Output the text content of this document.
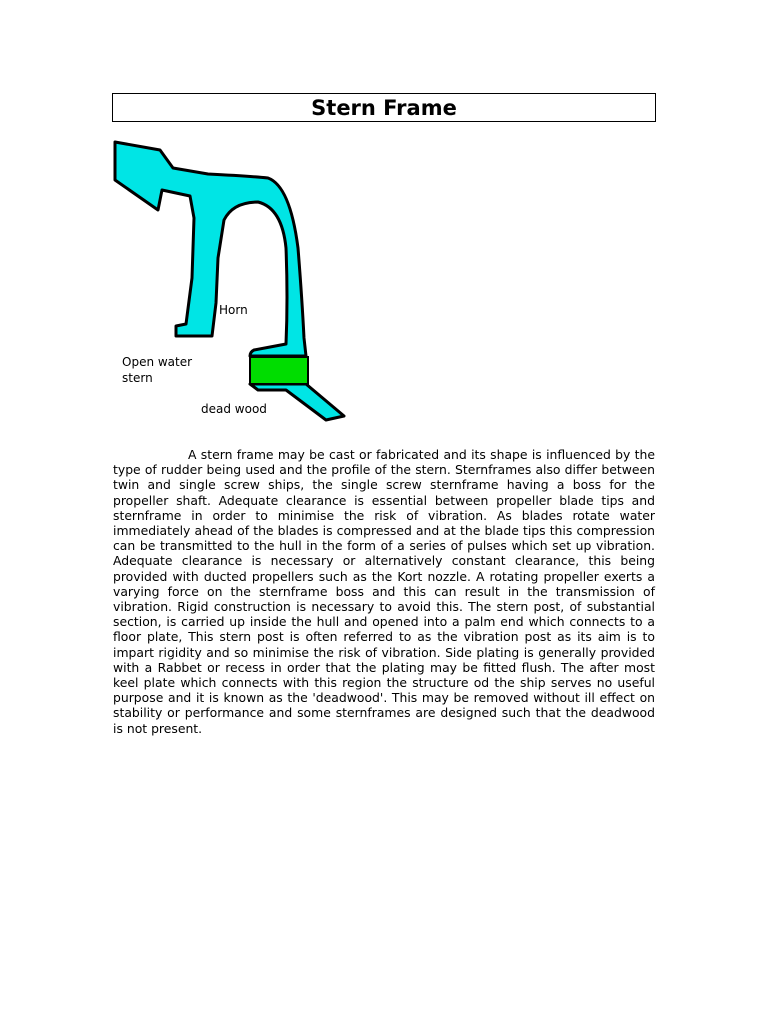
Stern Frame
Horn
Open water
stern
dead wood

A stern frame may be cast or fabricated and its shape is influenced by the type of rudder being used and the profile of the stern. Sternframes also differ between twin and single screw ships, the single screw sternframe having a boss for the propeller shaft. Adequate clearance is essential between propeller blade tips and sternframe in order to minimise the risk of vibration. As blades rotate water immediately ahead of the blades is compressed and at the blade tips this compression can be transmitted to the hull in the form of a series of pulses which set up vibration. Adequate clearance is necessary or alternatively constant clearance, this being provided with ducted propellers such as the Kort nozzle. A rotating propeller exerts a varying force on the sternframe boss and this can result in the transmission of vibration. Rigid construction is necessary to avoid this. The stern post, of substantial section, is carried up inside the hull and opened into a palm end which connects to a floor plate, This stern post is often referred to as the vibration post as its aim is to impart rigidity and so minimise the risk of vibration. Side plating is generally provided with a Rabbet or recess in order that the plating may be fitted flush. The after most keel plate which connects with this region the structure od the ship serves no useful purpose and it is known as the 'deadwood'. This may be removed without ill effect on stability or performance and some sternframes are designed such that the deadwood is not present.
